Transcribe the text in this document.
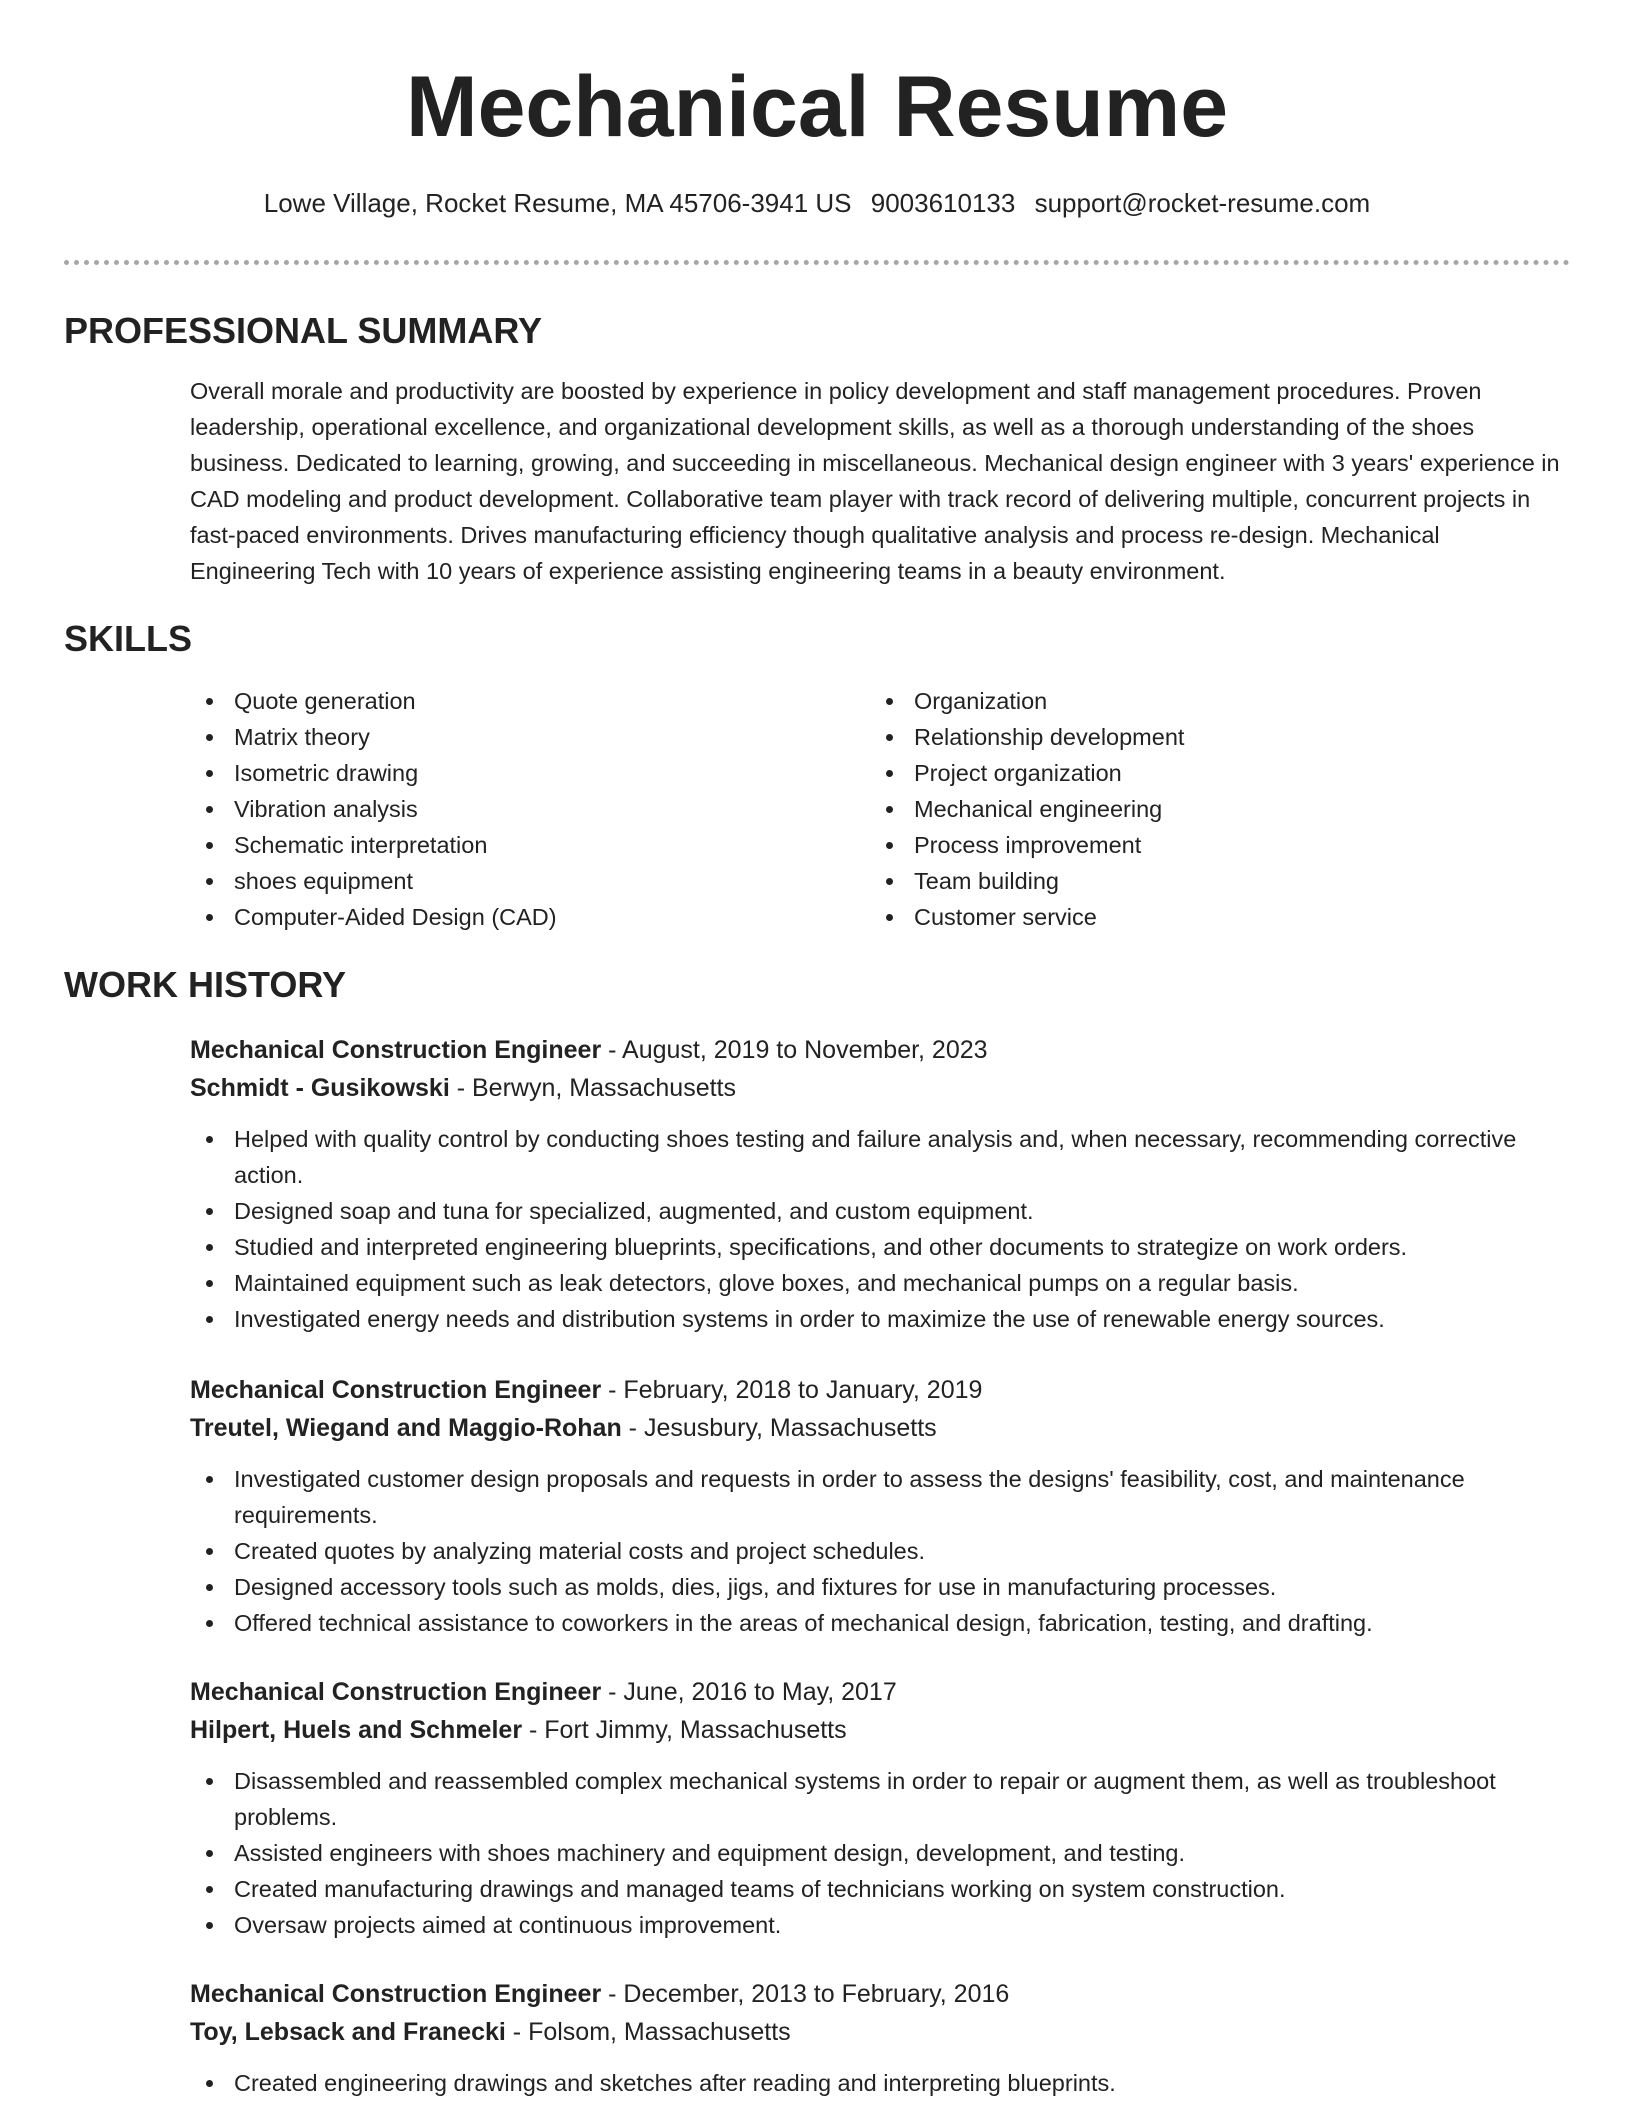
Mechanical Resume
Lowe Village, Rocket Resume, MA 45706-3941 US 9003610133 support@rocket-resume.com
PROFESSIONAL SUMMARY

Overall morale and productivity are boosted by experience in policy development and staff management procedures. Proven leadership, operational excellence, and organizational development skills, as well as a thorough understanding of the shoes business. Dedicated to learning, growing, and succeeding in miscellaneous. Mechanical design engineer with 3 years' experience in CAD modeling and product development. Collaborative team player with track record of delivering multiple, concurrent projects in fast-paced environments. Drives manufacturing efficiency though qualitative analysis and process re-design. Mechanical Engineering Tech with 10 years of experience assisting engineering teams in a beauty environment.

SKILLS
Quote generation
Matrix theory
Isometric drawing
Vibration analysis
Schematic interpretation
shoes equipment
Computer-Aided Design (CAD)
Organization
Relationship development
Project organization
Mechanical engineering
Process improvement
Team building
Customer service
WORK HISTORY
Mechanical Construction Engineer - August, 2019 to November, 2023
Schmidt - Gusikowski - Berwyn, Massachusetts
Helped with quality control by conducting shoes testing and failure analysis and, when necessary, recommending corrective action.
Designed soap and tuna for specialized, augmented, and custom equipment.
Studied and interpreted engineering blueprints, specifications, and other documents to strategize on work orders.
Maintained equipment such as leak detectors, glove boxes, and mechanical pumps on a regular basis.
Investigated energy needs and distribution systems in order to maximize the use of renewable energy sources.
Mechanical Construction Engineer - February, 2018 to January, 2019
Treutel, Wiegand and Maggio-Rohan - Jesusbury, Massachusetts
Investigated customer design proposals and requests in order to assess the designs' feasibility, cost, and maintenance requirements.
Created quotes by analyzing material costs and project schedules.
Designed accessory tools such as molds, dies, jigs, and fixtures for use in manufacturing processes.
Offered technical assistance to coworkers in the areas of mechanical design, fabrication, testing, and drafting.
Mechanical Construction Engineer - June, 2016 to May, 2017
Hilpert, Huels and Schmeler - Fort Jimmy, Massachusetts
Disassembled and reassembled complex mechanical systems in order to repair or augment them, as well as troubleshoot problems.
Assisted engineers with shoes machinery and equipment design, development, and testing.
Created manufacturing drawings and managed teams of technicians working on system construction.
Oversaw projects aimed at continuous improvement.
Mechanical Construction Engineer - December, 2013 to February, 2016
Toy, Lebsack and Franecki - Folsom, Massachusetts
Created engineering drawings and sketches after reading and interpreting blueprints.
